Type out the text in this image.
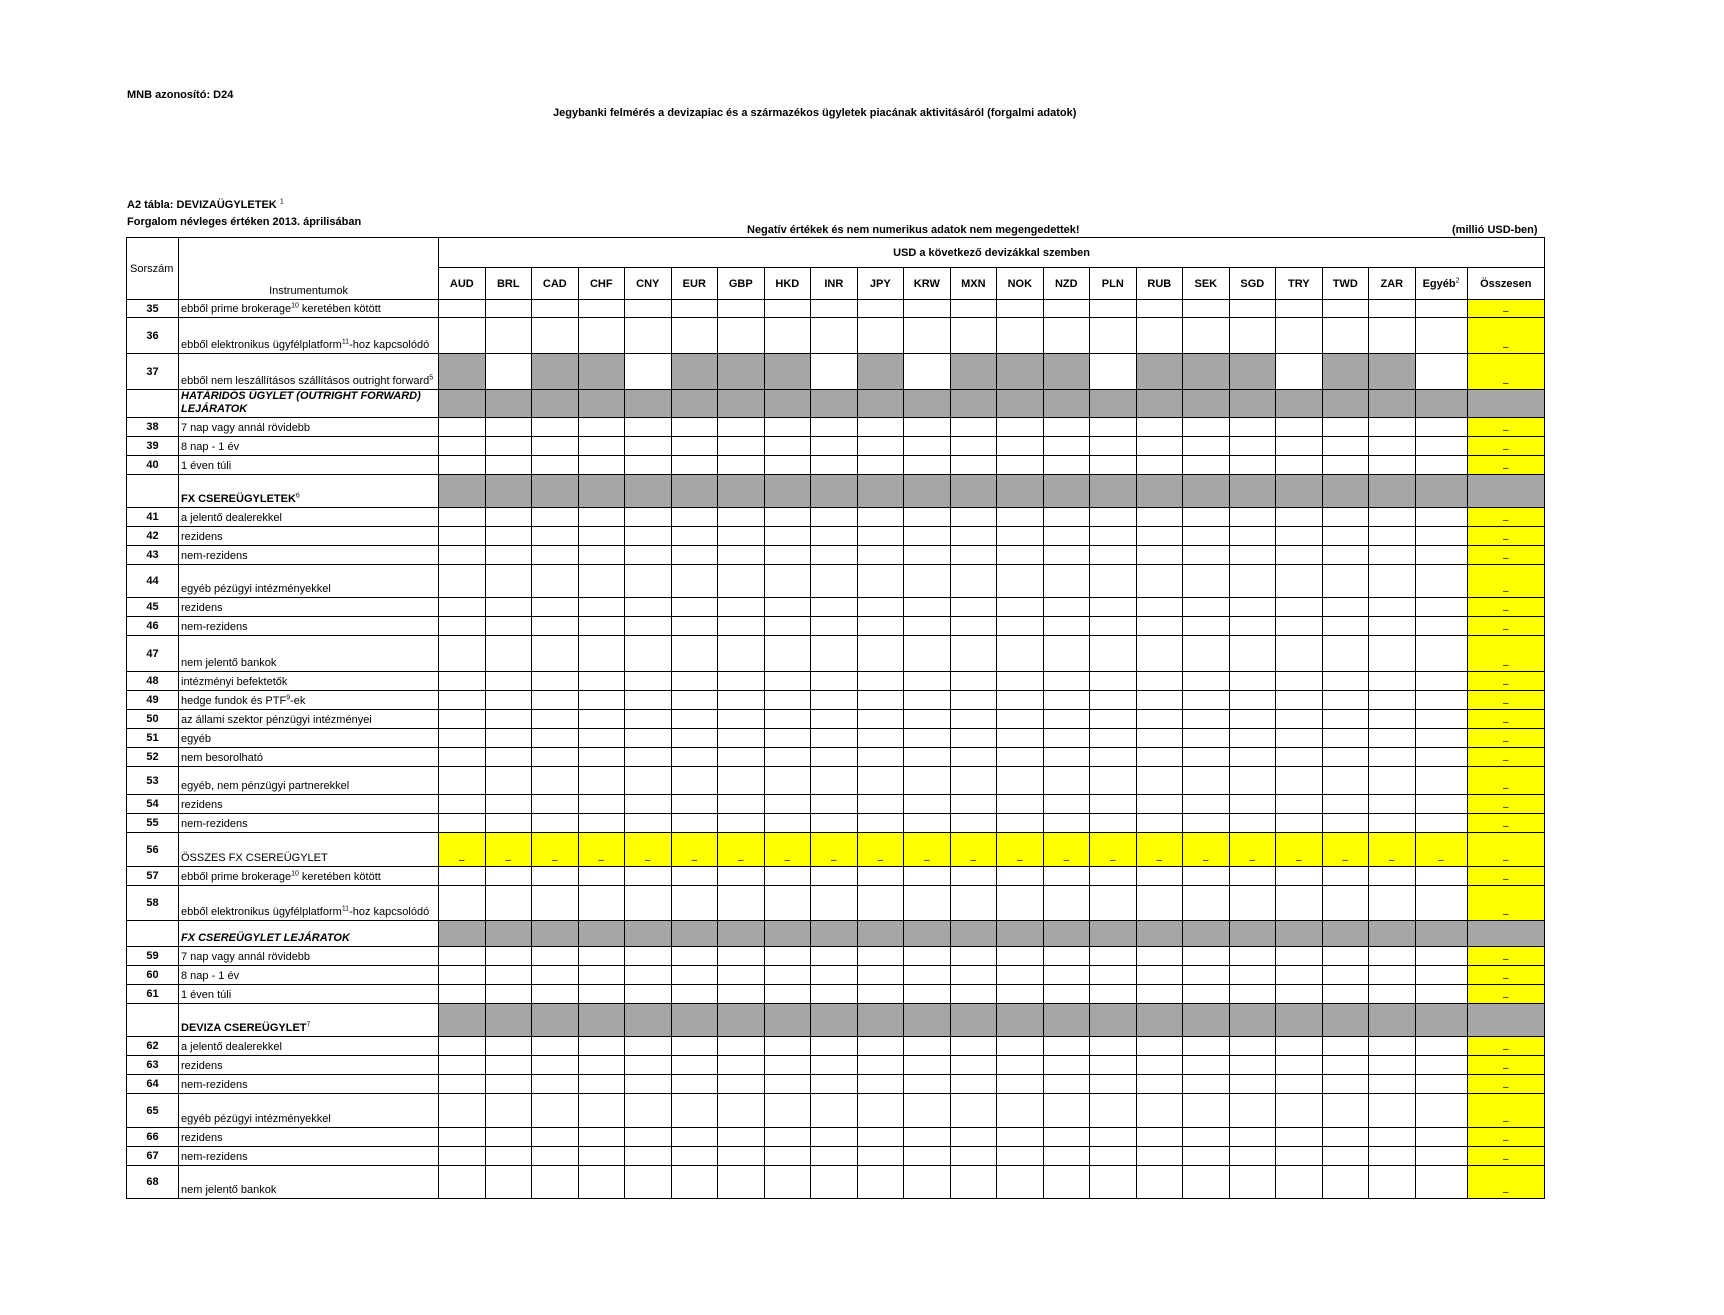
MNB azonosító: D24
Jegybanki felmérés a devizapiac és a származékos ügyletek piacának aktivitásáról (forgalmi adatok)
A2 tábla: DEVIZAÜGYLETEK $^1$
Forgalom névleges értéken 2013. áprilisában
Negatív értékek és nem numerikus adatok nem megengedettek!	(millió USD-ben)
Sorszám	Instrumentumok	USD a következő devizákkal szemben																						
		AUD	BRL	CAD	CHF	CNY	EUR	GBP	HKD	INR	JPY	KRW	MXN	NOK	NZD	PLN	RUB	SEK	SGD	TRY	TWD	ZAR	Egyéb$^2$	Összesen
35	ebből prime brokerage$^{10}$ keretében kötött																							–
36	ebből elektronikus ügyfélplatform$^{11}$-hoz kapcsolódó																							–
37	ebből nem leszállításos szállításos outright forward$^5$																							–
	HATÁRIDŐS ÜGYLET (OUTRIGHT FORWARD) LEJÁRATOK																							
38	7 nap vagy annál rövidebb																							–
39	8 nap - 1 év																							–
40	1 éven túli																							–
	FX CSEREÜGYLETEK$^6$																							
41	a jelentő dealerekkel																							–
42	rezidens																							–
43	nem-rezidens																							–
44	egyéb pézügyi intézményekkel																							–
45	rezidens																							–
46	nem-rezidens																							–
47	nem jelentő bankok																							–
48	intézményi befektetők																							–
49	hedge fundok és PTF$^9$-ek																							–
50	az állami szektor pénzügyi intézményei																							–
51	egyéb																							–
52	nem besorolható																							–
53	egyéb, nem pénzügyi partnerekkel																							–
54	rezidens																							–
55	nem-rezidens																							–
56	ÖSSZES FX CSEREÜGYLET	–	–	–	–	–	–	–	–	–	–	–	–	–	–	–	–	–	–	–	–	–	–	–
57	ebből prime brokerage$^{10}$ keretében kötött																							–
58	ebből elektronikus ügyfélplatform$^{11}$-hoz kapcsolódó																							–
	FX CSEREÜGYLET LEJÁRATOK																							
59	7 nap vagy annál rövidebb																							–
60	8 nap - 1 év																							–
61	1 éven túli																							–
	DEVIZA CSEREÜGYLET$^7$																							
62	a jelentő dealerekkel																							–
63	rezidens																							–
64	nem-rezidens																							–
65	egyéb pézügyi intézményekkel																							–
66	rezidens																							–
67	nem-rezidens																							–
68	nem jelentő bankok																							–
